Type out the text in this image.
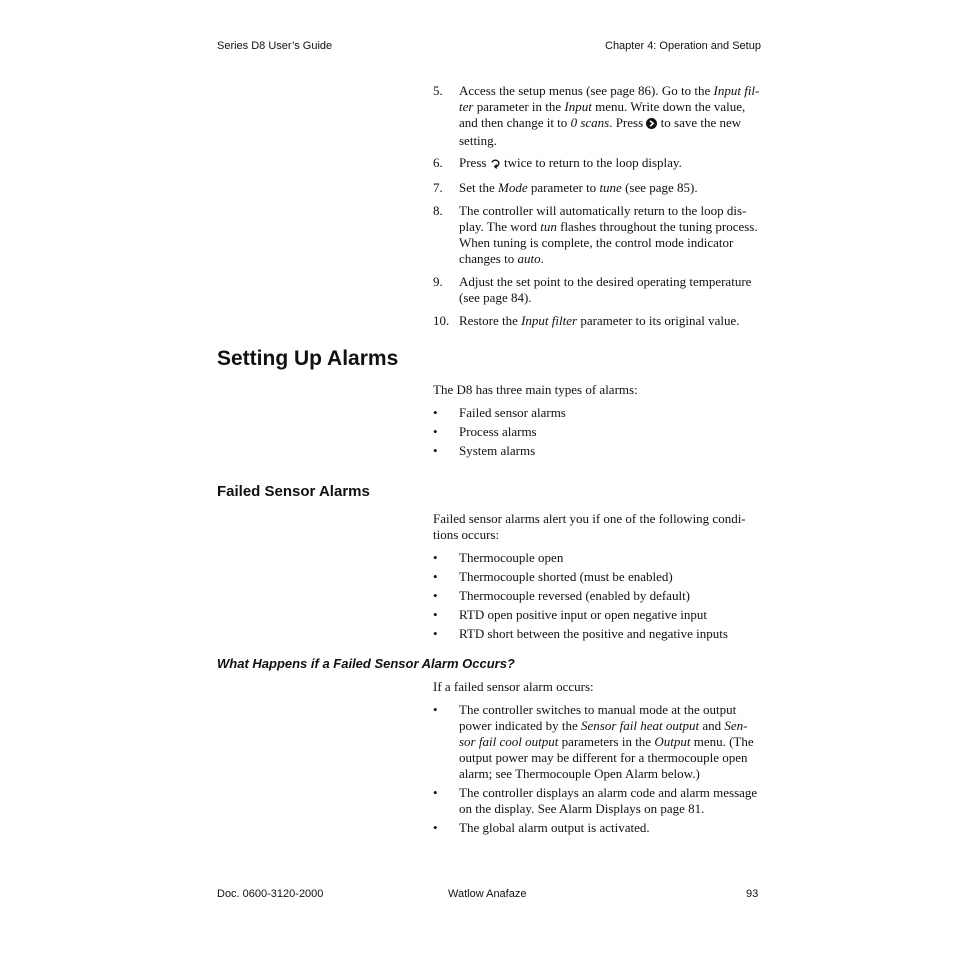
Series D8 User’s Guide	Chapter 4: Operation and Setup
5. Access the setup menus (see page 86). Go to the Input fil-
ter parameter in the Input menu. Write down the value,
and then change it to 0 scans. Press  to save the new
setting.
6. Press  twice to return to the loop display.
7. Set the Mode parameter to tune (see page 85).
8. The controller will automatically return to the loop dis-
play. The word tun flashes throughout the tuning process.
When tuning is complete, the control mode indicator
changes to auto.
9. Adjust the set point to the desired operating temperature
(see page 84).
10. Restore the Input filter parameter to its original value.
Setting Up Alarms
The D8 has three main types of alarms:
• Failed sensor alarms
• Process alarms
• System alarms
Failed Sensor Alarms
Failed sensor alarms alert you if one of the following condi-
tions occurs:
• Thermocouple open
• Thermocouple shorted (must be enabled)
• Thermocouple reversed (enabled by default)
• RTD open positive input or open negative input
• RTD short between the positive and negative inputs
What Happens if a Failed Sensor Alarm Occurs?
If a failed sensor alarm occurs:
• The controller switches to manual mode at the output
power indicated by the Sensor fail heat output and Sen-
sor fail cool output parameters in the Output menu. (The
output power may be different for a thermocouple open
alarm; see Thermocouple Open Alarm below.)
• The controller displays an alarm code and alarm message
on the display. See Alarm Displays on page 81.
• The global alarm output is activated.
Doc. 0600-3120-2000	Watlow Anafaze	93
